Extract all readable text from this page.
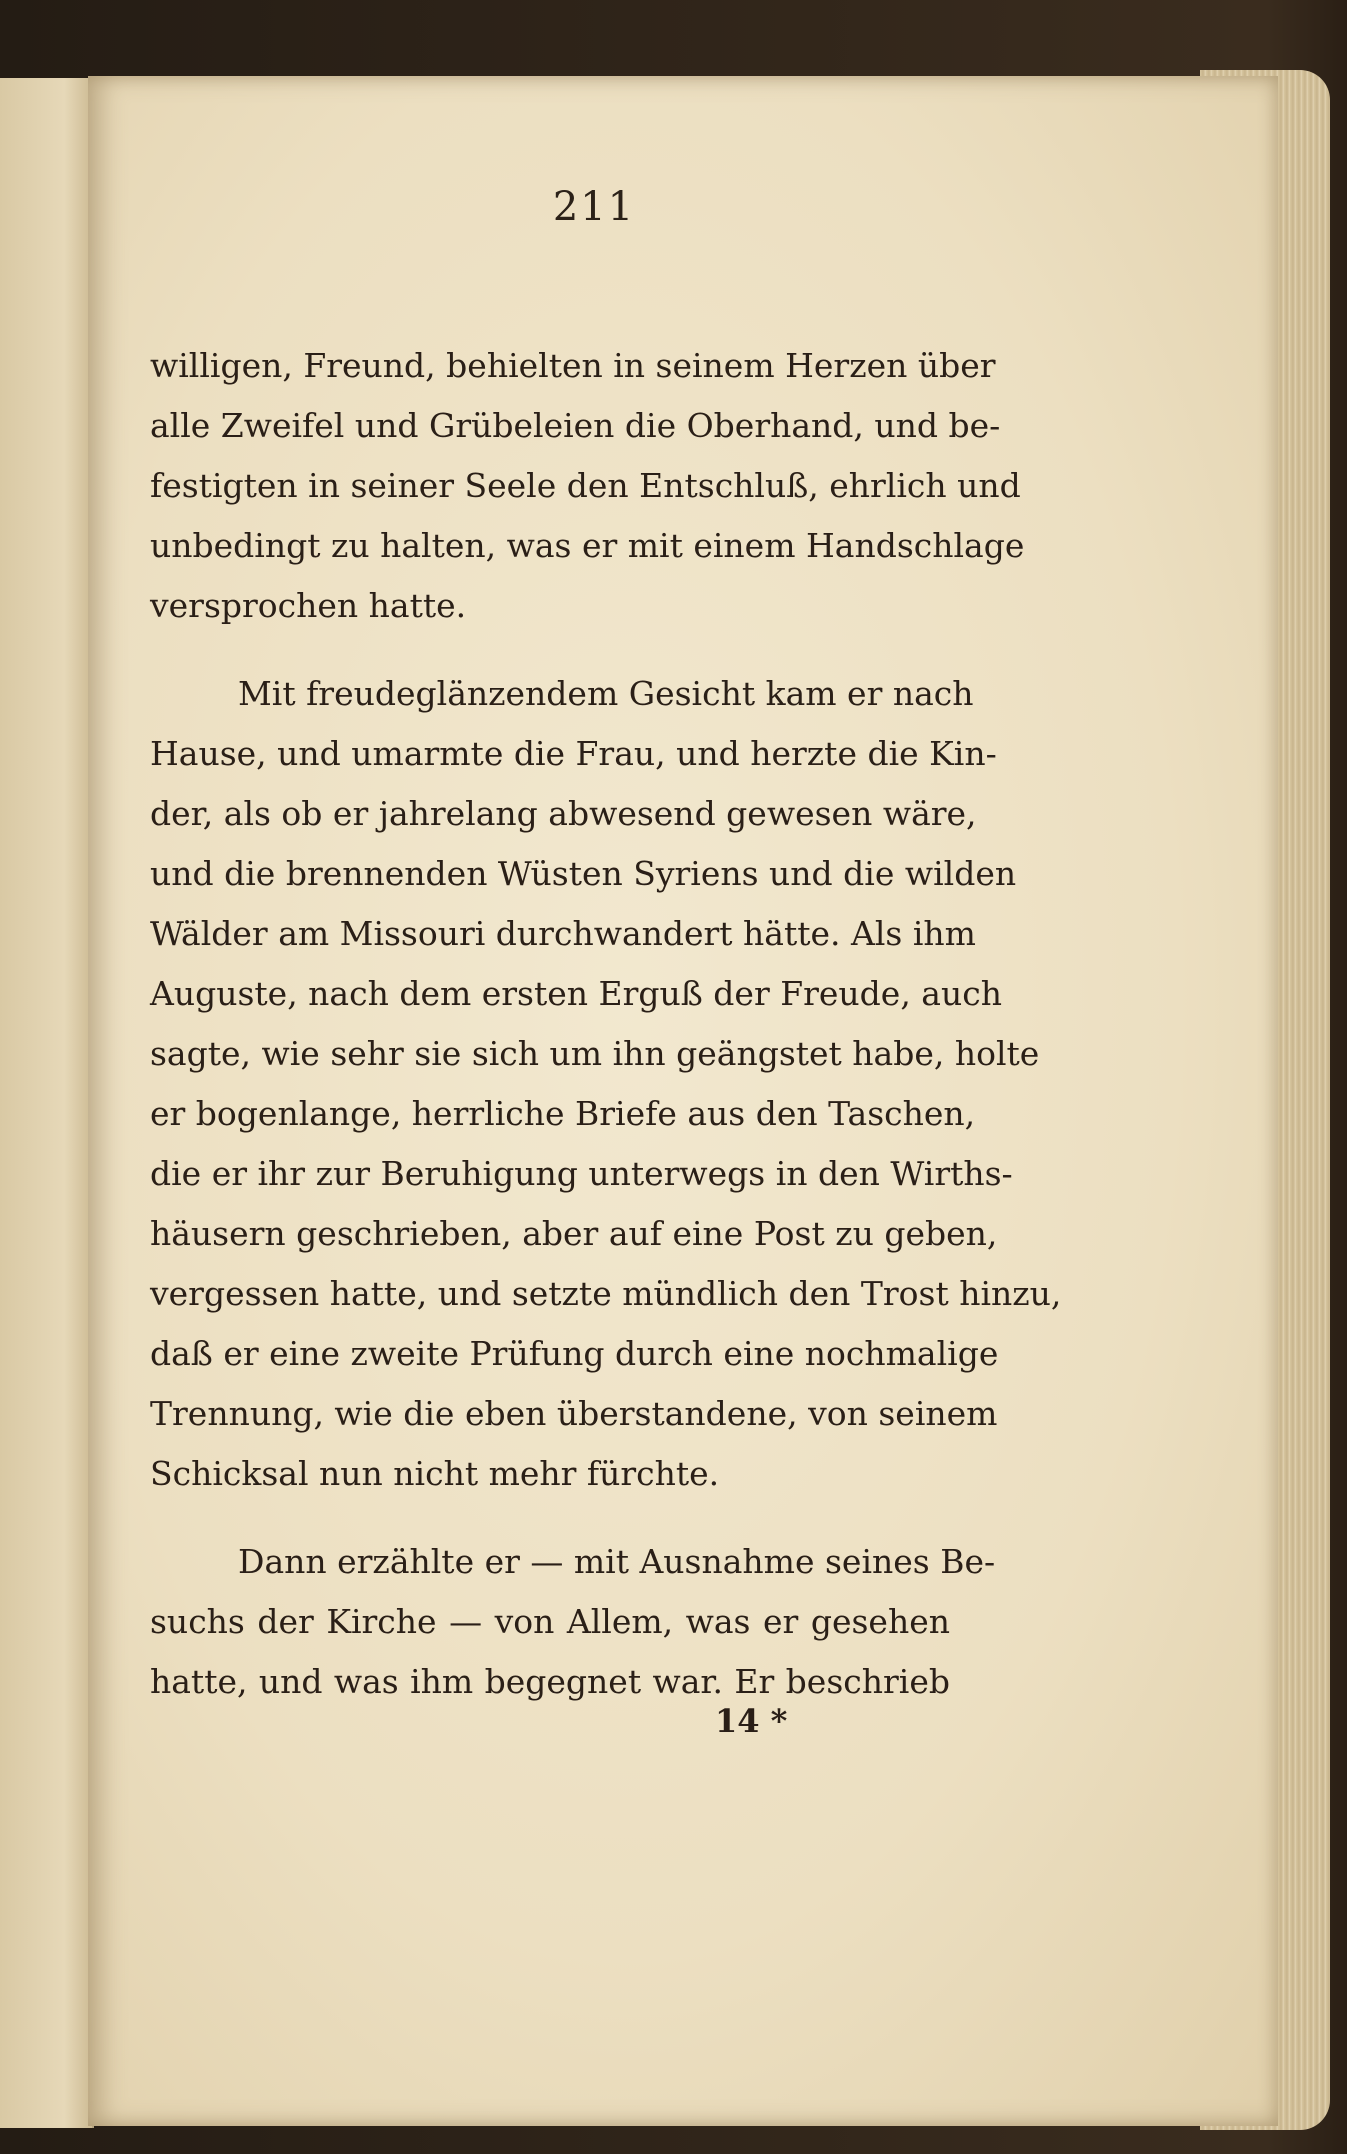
211
willigen, Freund, behielten in seinem Herzen über
alle Zweifel und Grübeleien die Oberhand, und be-
festigten in seiner Seele den Entschluß, ehrlich und
unbedingt zu halten, was er mit einem Handschlage
versprochen hatte.
Mit freudeglänzendem Gesicht kam er nach
Hause, und umarmte die Frau, und herzte die Kin-
der, als ob er jahrelang abwesend gewesen wäre,
und die brennenden Wüsten Syriens und die wilden
Wälder am Missouri durchwandert hätte. Als ihm
Auguste, nach dem ersten Erguß der Freude, auch
sagte, wie sehr sie sich um ihn geängstet habe, holte
er bogenlange, herrliche Briefe aus den Taschen,
die er ihr zur Beruhigung unterwegs in den Wirths-
häusern geschrieben, aber auf eine Post zu geben,
vergessen hatte, und setzte mündlich den Trost hinzu,
daß er eine zweite Prüfung durch eine nochmalige
Trennung, wie die eben überstandene, von seinem
Schicksal nun nicht mehr fürchte.
Dann erzählte er — mit Ausnahme seines Be-
suchs der Kirche — von Allem, was er gesehen
hatte, und was ihm begegnet war. Er beschrieb
14 *
